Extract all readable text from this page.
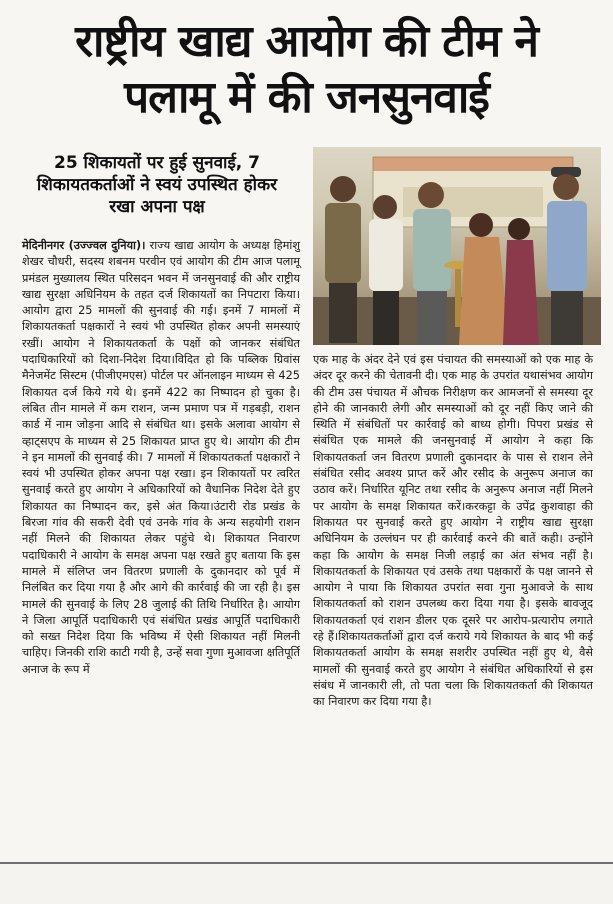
राष्ट्रीय खाद्य आयोग की टीम ने
पलामू में की जनसुनवाई
25 शिकायतों पर हुई सुनवाई, 7 शिकायतकर्ताओं ने स्वयं उपस्थित होकर रखा अपना पक्ष

मेदिनीनगर (उज्ज्वल दुनिया)। राज्य खाद्य आयोग के अध्यक्ष हिमांशु शेखर चौधरी, सदस्य शबनम परवीन एवं आयोग की टीम आज पलामू प्रमंडल मुख्यालय स्थित परिसदन भवन में जनसुनवाई की और राष्ट्रीय खाद्य सुरक्षा अधिनियम के तहत दर्ज शिकायतों का निपटारा किया। आयोग द्वारा 25 मामलों की सुनवाई की गई। इनमें 7 मामलों में शिकायतकर्ता पक्षकारों ने स्वयं भी उपस्थित होकर अपनी समस्याएं रखीं। आयोग ने शिकायतकर्ता के पक्षों को जानकर संबंधित पदाधिकारियों को दिशा-निदेश दिया।विदित हो कि पब्लिक ग्रिवांस मैनेजमेंट सिस्टम (पीजीएमएस) पोर्टल पर ऑनलाइन माध्यम से 425 शिकायत दर्ज किये गये थे। इनमें 422 का निष्पादन हो चुका है। लंबित तीन मामले में कम राशन, जन्म प्रमाण पत्र में गड़बड़ी, राशन कार्ड में नाम जोड़ना आदि से संबंधित था। इसके अलावा आयोग से व्हाट्सएप के माध्यम से 25 शिकायत प्राप्त हुए थे। आयोग की टीम ने इन मामलों की सुनवाई की। 7 मामलों में शिकायतकर्ता पक्षकारों ने स्वयं भी उपस्थित होकर अपना पक्ष रखा। इन शिकायतों पर त्वरित सुनवाई करते हुए आयोग ने अधिकारियों को वैधानिक निदेश देते हुए शिकायत का निष्पादन कर, इसे अंत किया।उंटारी रोड प्रखंड के बिरजा गांव की सकरी देवी एवं उनके गांव के अन्य सहयोगी राशन नहीं मिलने की शिकायत लेकर पहुंचे थे। शिकायत निवारण पदाधिकारी ने आयोग के समक्ष अपना पक्ष रखते हुए बताया कि इस मामले में संलिप्त जन वितरण प्रणाली के दुकानदार को पूर्व में निलंबित कर दिया गया है और आगे की कार्रवाई की जा रही है। इस मामले की सुनवाई के लिए 28 जुलाई की तिथि निर्धारित है। आयोग ने जिला आपूर्ति पदाधिकारी एवं संबंधित प्रखंड आपूर्ति पदाधिकारी को सख्त निदेश दिया कि भविष्य में ऐसी शिकायत नहीं मिलनी चाहिए। जिनकी राशि काटी गयी है, उन्हें सवा गुणा मुआवजा क्षतिपूर्ति अनाज के रूप में

एक माह के अंदर देने एवं इस पंचायत की समस्याओं को एक माह के अंदर दूर करने की चेतावनी दी। एक माह के उपरांत यथासंभव आयोग की टीम उस पंचायत में औचक निरीक्षण कर आमजनों से समस्या दूर होने की जानकारी लेगी और समस्याओं को दूर नहीं किए जाने की स्थिति में संबंधितों पर कार्रवाई को बाध्य होगी। पिपरा प्रखंड से संबंधित एक मामले की जनसुनवाई में आयोग ने कहा कि शिकायतकर्ता जन वितरण प्रणाली दुकानदार के पास से राशन लेने संबंधित रसीद अवश्य प्राप्त करें और रसीद के अनुरूप अनाज का उठाव करें। निर्धारित यूनिट तथा रसीद के अनुरूप अनाज नहीं मिलने पर आयोग के समक्ष शिकायत करें।करकट्टा के उपेंद्र कुशवाहा की शिकायत पर सुनवाई करते हुए आयोग ने राष्ट्रीय खाद्य सुरक्षा अधिनियम के उल्लंघन पर ही कार्रवाई करने की बातें कही। उन्होंने कहा कि आयोग के समक्ष निजी लड़ाई का अंत संभव नहीं है। शिकायतकर्ता के शिकायत एवं उसके तथा पक्षकारों के पक्ष जानने से आयोग ने पाया कि शिकायत उपरांत सवा गुना मुआवजे के साथ शिकायतकर्ता को राशन उपलब्ध करा दिया गया है। इसके बावजूद शिकायतकर्ता एवं राशन डीलर एक दूसरे पर आरोप-प्रत्यारोप लगाते रहे हैं।शिकायतकर्ताओं द्वारा दर्ज कराये गये शिकायत के बाद भी कई शिकायतकर्ता आयोग के समक्ष सशरीर उपस्थित नहीं हुए थे, वैसे मामलों की सुनवाई करते हुए आयोग ने संबंधित अधिकारियों से इस संबंध में जानकारी ली, तो पता चला कि शिकायतकर्ता की शिकायत का निवारण कर दिया गया है।
